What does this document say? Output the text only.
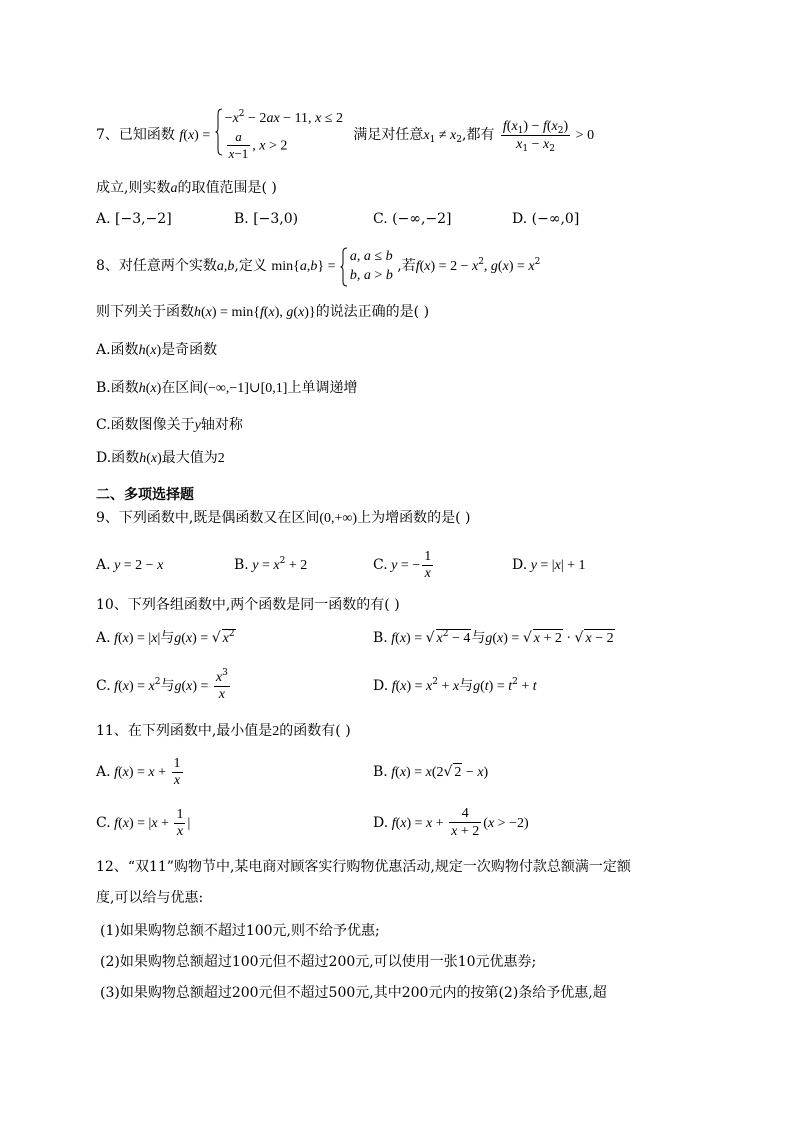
7、已知函数 f(x) =
$-x^2 - 2ax - 11$, x ≤ 2
$\frac{a}{x-1}$ , x > 2
满足对任意$x_1 \ne x_2$,都有 $\frac{f(x_1) - f(x_2)}{x_1 - x_2} > 0$
成立,则实数a的取值范围是( )
A. [−3,−2]	B. [−3,0)	C. (−∞,−2]	D. (−∞,0]
8、对任意两个实数a,b,定义 min{a,b} =
a, a ≤ b
b, a > b
,若$f(x) = 2 - x^2$, $g(x) = x^2$
则下列关于函数h(x) = min{f(x), g(x)}的说法正确的是( )
A.函数h(x)是奇函数
B.函数h(x)在区间(−∞,−1]∪[0,1]上单调递增
C.函数图像关于y轴对称
D.函数h(x)最大值为2
二、多项选择题
9、下列函数中,既是偶函数又在区间(0,+∞)上为增函数的是( )
A. y = 2 − x	B. $y = x^2 + 2$	C. y = − $\frac{1}{x}$	D. y = |x| + 1
10、下列各组函数中,两个函数是同一函数的有( )
A. f(x) = |x|与g(x) = √ $x^2$	B. f(x) = √ $x^2 - 4$与g(x) = √ x + 2 · √ x − 2
C. $f(x) = x^2$与$g(x) = \frac{x^3}{x}$	D. $f(x) = x^2 + x$与$g(t) = t^2 + t$
11、在下列函数中,最小值是2的函数有( )
A. $f(x) = x + \frac{1}{x}$	B. f(x) = x(2√ 2 − x)
C. $f(x) = |x + \frac{1}{x}$ |	D. $f(x) = x + \frac{4}{x + 2} (x > -2)$
12、“双11”购物节中,某电商对顾客实行购物优惠活动,规定一次购物付款总额满一定额
度,可以给与优惠:
(1)如果购物总额不超过100元,则不给予优惠;
(2)如果购物总额超过100元但不超过200元,可以使用一张10元优惠券;
(3)如果购物总额超过200元但不超过500元,其中200元内的按第(2)条给予优惠,超
